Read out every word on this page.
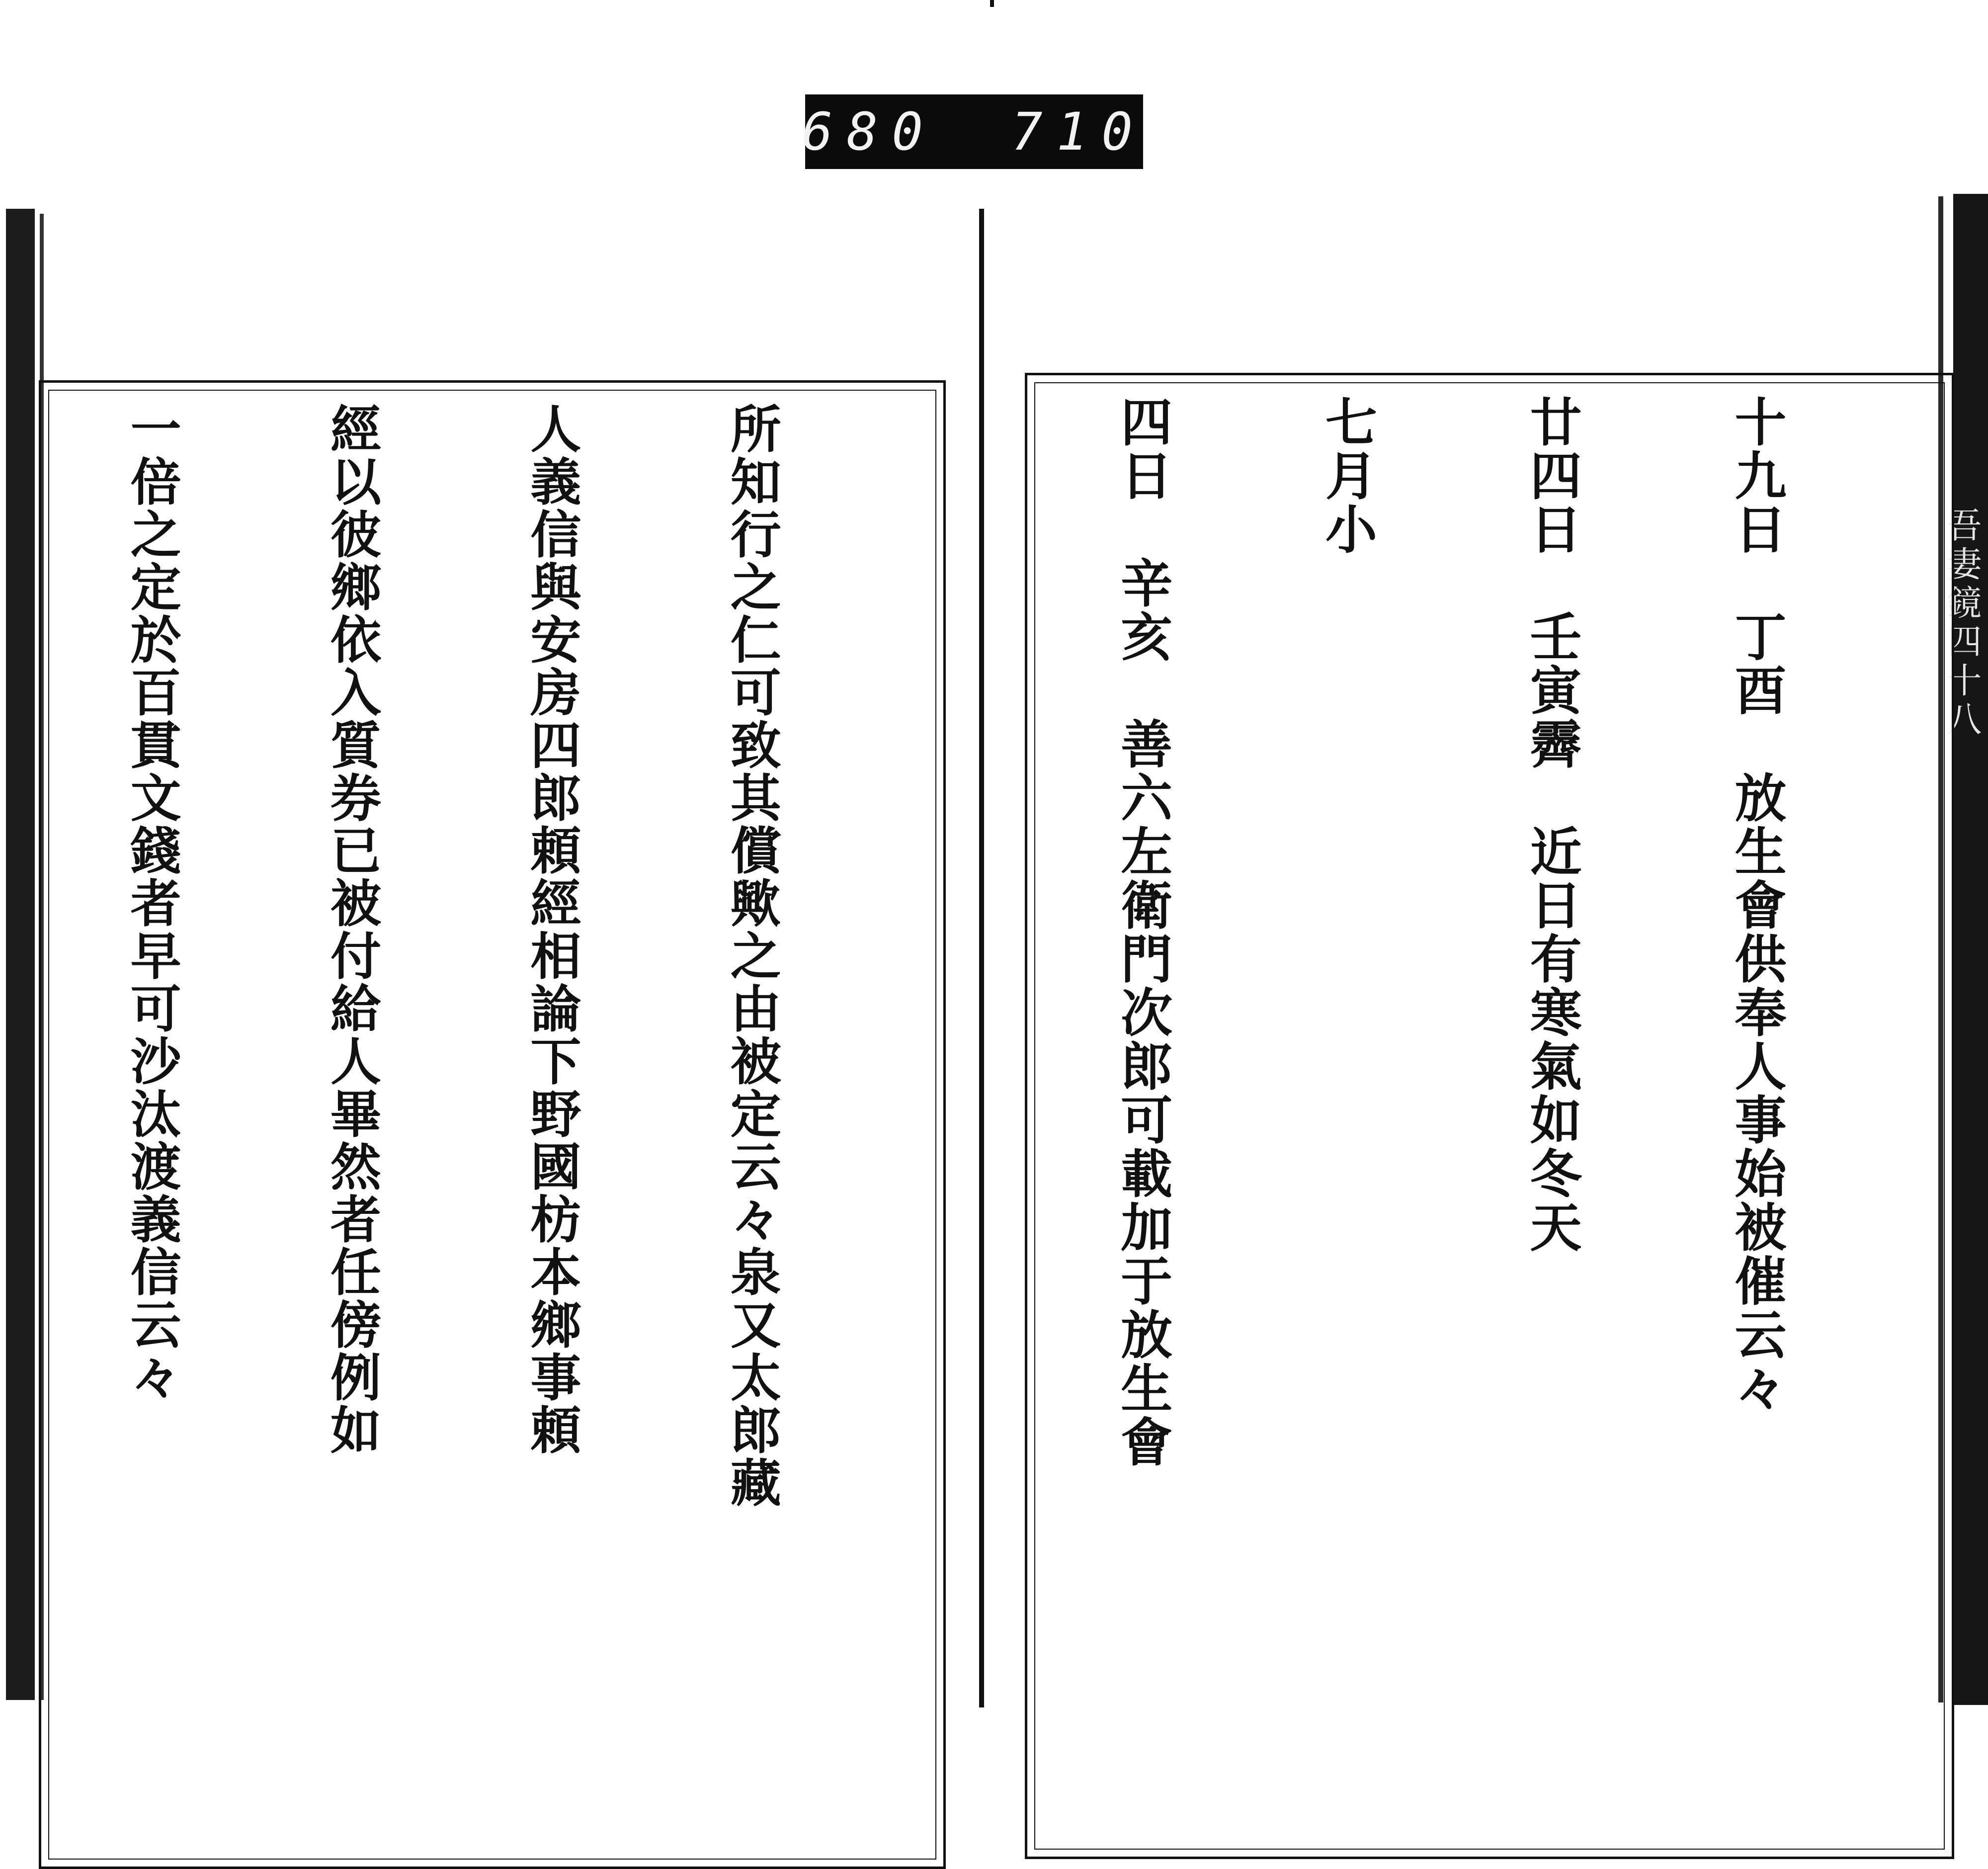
680 710
吾妻鏡四十八

所知行之仁可致其償歟之由被定云々泉又太郎藏

人義信與安房四郎頼經相論下野國枋本鄉事頼

經以彼鄉依入質券已被付給人畢然者任傍例如

一倍之定於百貫文錢者早可沙汰渡義信云々

	十九日　丁酉　放生會供奉人事始被催云々

廿四日　壬寅霽　近日有寒氣如冬天

七月小

四日　辛亥　善六左衛門次郎可載加于放生會
